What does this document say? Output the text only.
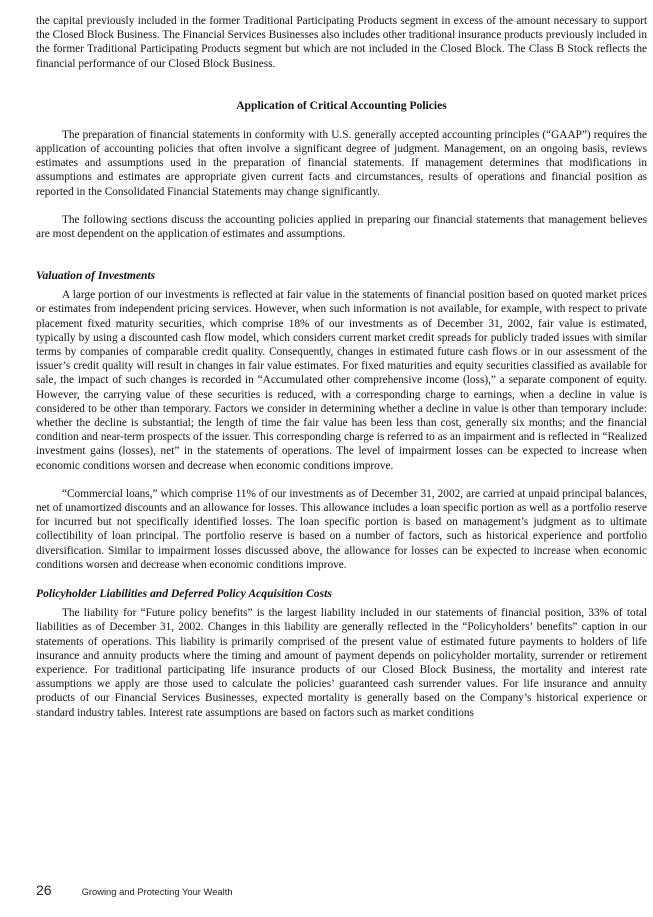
the capital previously included in the former Traditional Participating Products segment in excess of the amount necessary to support the Closed Block Business. The Financial Services Businesses also includes other traditional insurance products previously included in the former Traditional Participating Products segment but which are not included in the Closed Block. The Class B Stock reflects the financial performance of our Closed Block Business.

Application of Critical Accounting Policies

The preparation of financial statements in conformity with U.S. generally accepted accounting principles (“GAAP”) requires the application of accounting policies that often involve a significant degree of judgment. Management, on an ongoing basis, reviews estimates and assumptions used in the preparation of financial statements. If management determines that modifications in assumptions and estimates are appropriate given current facts and circumstances, results of operations and financial position as reported in the Consolidated Financial Statements may change significantly.

The following sections discuss the accounting policies applied in preparing our financial statements that management believes are most dependent on the application of estimates and assumptions.

Valuation of Investments

A large portion of our investments is reflected at fair value in the statements of financial position based on quoted market prices or estimates from independent pricing services. However, when such information is not available, for example, with respect to private placement fixed maturity securities, which comprise 18% of our investments as of December 31, 2002, fair value is estimated, typically by using a discounted cash flow model, which considers current market credit spreads for publicly traded issues with similar terms by companies of comparable credit quality. Consequently, changes in estimated future cash flows or in our assessment of the issuer’s credit quality will result in changes in fair value estimates. For fixed maturities and equity securities classified as available for sale, the impact of such changes is recorded in “Accumulated other comprehensive income (loss),” a separate component of equity. However, the carrying value of these securities is reduced, with a corresponding charge to earnings, when a decline in value is considered to be other than temporary. Factors we consider in determining whether a decline in value is other than temporary include: whether the decline is substantial; the length of time the fair value has been less than cost, generally six months; and the financial condition and near-term prospects of the issuer. This corresponding charge is referred to as an impairment and is reflected in “Realized investment gains (losses), net” in the statements of operations. The level of impairment losses can be expected to increase when economic conditions worsen and decrease when economic conditions improve.

“Commercial loans,” which comprise 11% of our investments as of December 31, 2002, are carried at unpaid principal balances, net of unamortized discounts and an allowance for losses. This allowance includes a loan specific portion as well as a portfolio reserve for incurred but not specifically identified losses. The loan specific portion is based on management’s judgment as to ultimate collectibility of loan principal. The portfolio reserve is based on a number of factors, such as historical experience and portfolio diversification. Similar to impairment losses discussed above, the allowance for losses can be expected to increase when economic conditions worsen and decrease when economic conditions improve.

Policyholder Liabilities and Deferred Policy Acquisition Costs

The liability for “Future policy benefits” is the largest liability included in our statements of financial position, 33% of total liabilities as of December 31, 2002. Changes in this liability are generally reflected in the “Policyholders’ benefits” caption in our statements of operations. This liability is primarily comprised of the present value of estimated future payments to holders of life insurance and annuity products where the timing and amount of payment depends on policyholder mortality, surrender or retirement experience. For traditional participating life insurance products of our Closed Block Business, the mortality and interest rate assumptions we apply are those used to calculate the policies’ guaranteed cash surrender values. For life insurance and annuity products of our Financial Services Businesses, expected mortality is generally based on the Company’s historical experience or standard industry tables. Interest rate assumptions are based on factors such as market conditions

26	Growing and Protecting Your Wealth
